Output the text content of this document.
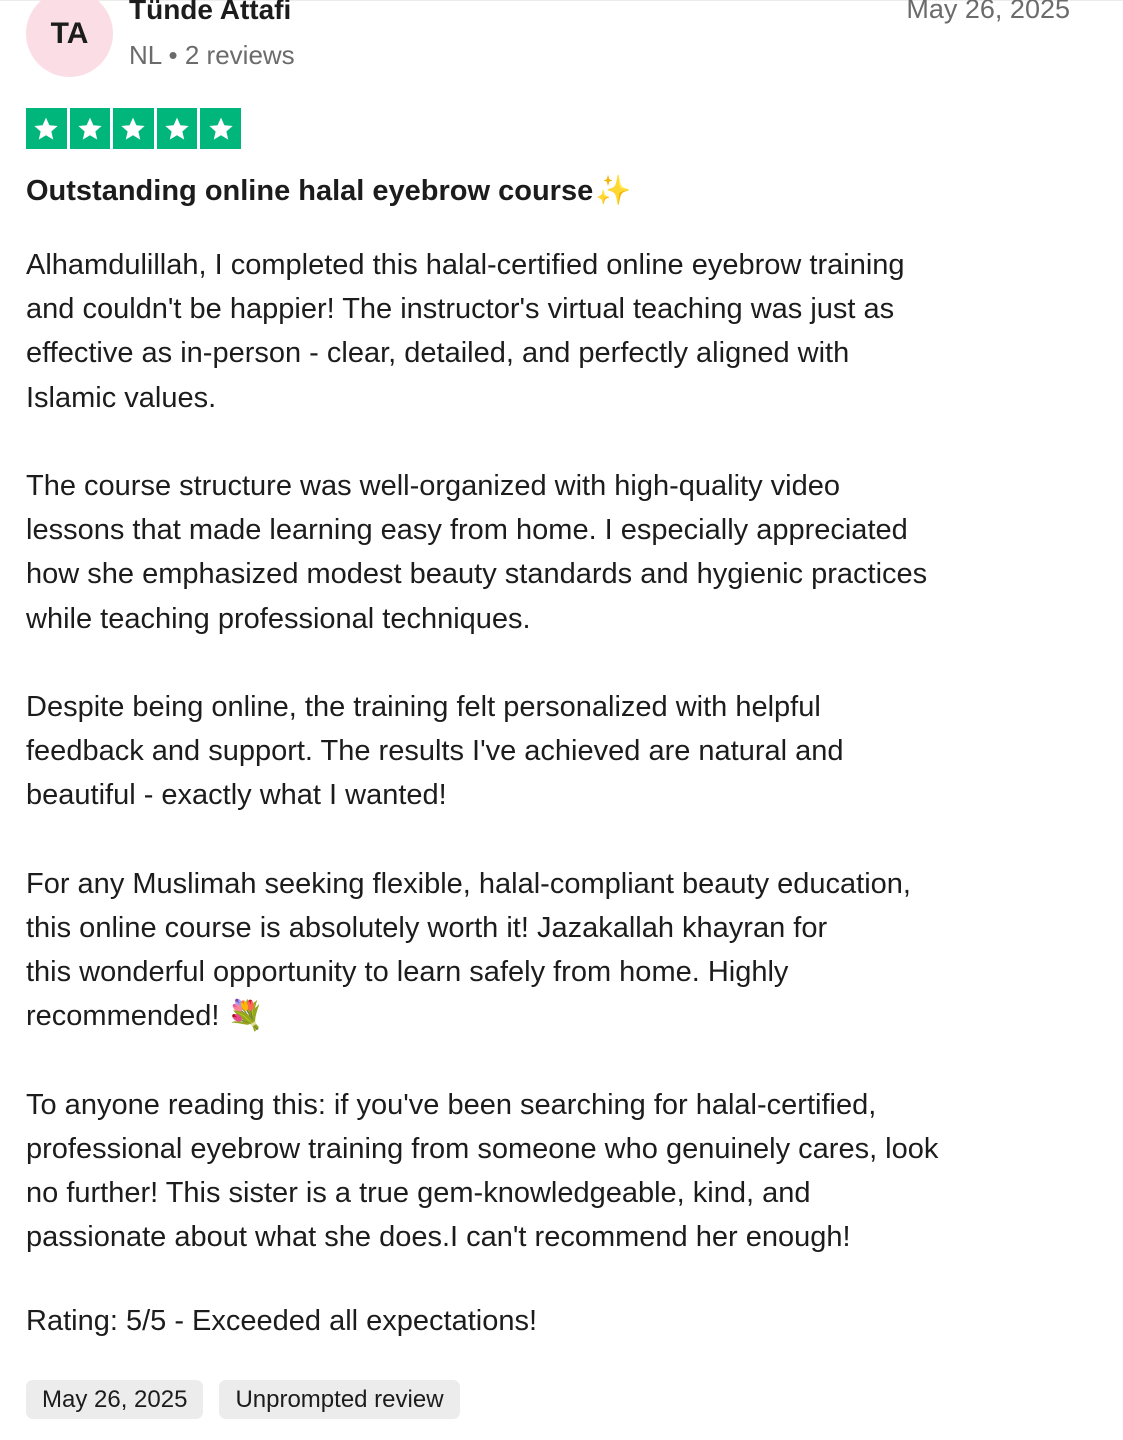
TA
Tünde Attafi
NL • 2 reviews
May 26, 2025
Outstanding online halal eyebrow course✨

Alhamdulillah, I completed this halal-certified online eyebrow training
and couldn't be happier! The instructor's virtual teaching was just as
effective as in-person - clear, detailed, and perfectly aligned with
Islamic values.

The course structure was well-organized with high-quality video
lessons that made learning easy from home. I especially appreciated
how she emphasized modest beauty standards and hygienic practices
while teaching professional techniques.

Despite being online, the training felt personalized with helpful
feedback and support. The results I've achieved are natural and
beautiful - exactly what I wanted!

For any Muslimah seeking flexible, halal-compliant beauty education,
this online course is absolutely worth it! Jazakallah khayran for
this wonderful opportunity to learn safely from home. Highly
recommended! 💐

To anyone reading this: if you've been searching for halal-certified,
professional eyebrow training from someone who genuinely cares, look
no further! This sister is a true gem-knowledgeable, kind, and
passionate about what she does.I can't recommend her enough!

Rating: 5/5 - Exceeded all expectations!
May 26, 2025	Unprompted review
